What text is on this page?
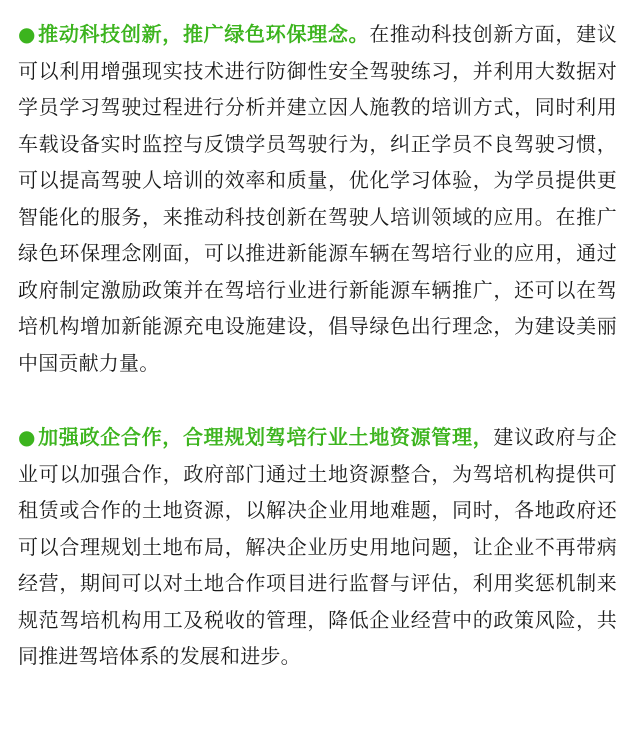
● 推动科技创新，推广绿色环保理念。在推动科技创新方面，建议可以利用增强现实技术进行防御性安全驾驶练习，并利用大数据对学员学习驾驶过程进行分析并建立因人施教的培训方式，同时利用车载设备实时监控与反馈学员驾驶行为，纠正学员不良驾驶习惯，可以提高驾驶人培训的效率和质量，优化学习体验，为学员提供更智能化的服务，来推动科技创新在驾驶人培训领域的应用。在推广绿色环保理念刚面，可以推进新能源车辆在驾培行业的应用，通过政府制定激励政策并在驾培行业进行新能源车辆推广，还可以在驾培机构增加新能源充电设施建设，倡导绿色出行理念，为建设美丽中国贡献力量。

● 加强政企合作，合理规划驾培行业土地资源管理，建议政府与企业可以加强合作，政府部门通过土地资源整合，为驾培机构提供可租赁或合作的土地资源，以解决企业用地难题，同时，各地政府还可以合理规划土地布局，解决企业历史用地问题，让企业不再带病经营，期间可以对土地合作项目进行监督与评估，利用奖惩机制来规范驾培机构用工及税收的管理，降低企业经营中的政策风险，共同推进驾培体系的发展和进步。
